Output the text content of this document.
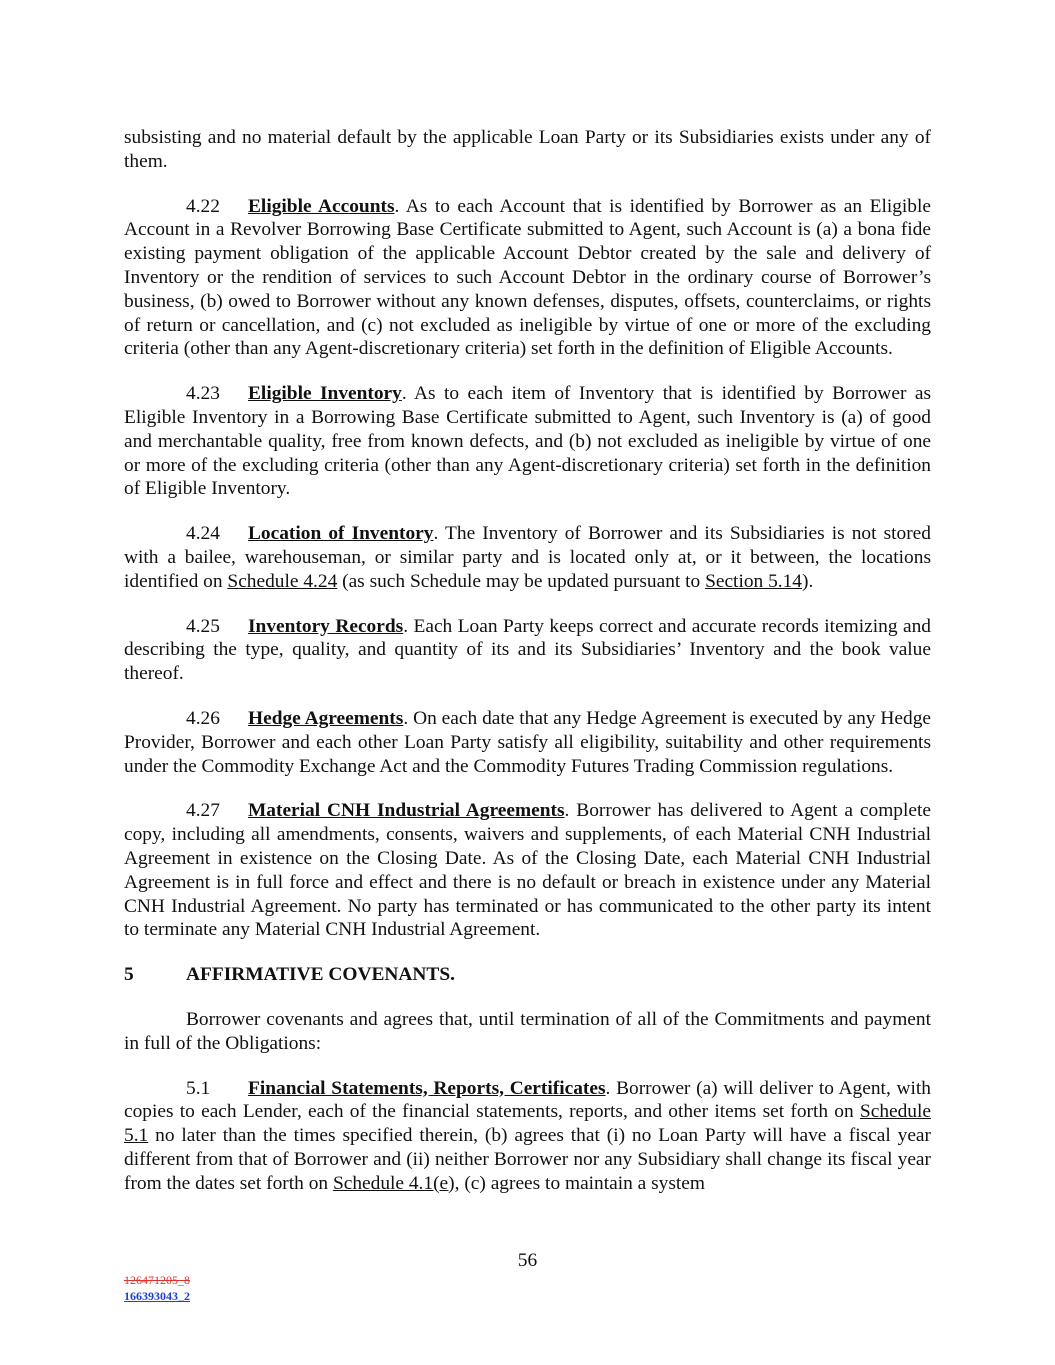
subsisting and no material default by the applicable Loan Party or its Subsidiaries exists under any of them.

4.22 Eligible Accounts. As to each Account that is identified by Borrower as an Eligible Account in a Revolver Borrowing Base Certificate submitted to Agent, such Account is (a) a bona fide existing payment obligation of the applicable Account Debtor created by the sale and delivery of Inventory or the rendition of services to such Account Debtor in the ordinary course of Borrower’s business, (b) owed to Borrower without any known defenses, disputes, offsets, counterclaims, or rights of return or cancellation, and (c) not excluded as ineligible by virtue of one or more of the excluding criteria (other than any Agent-discretionary criteria) set forth in the definition of Eligible Accounts.

4.23 Eligible Inventory. As to each item of Inventory that is identified by Borrower as Eligible Inventory in a Borrowing Base Certificate submitted to Agent, such Inventory is (a) of good and merchantable quality, free from known defects, and (b) not excluded as ineligible by virtue of one or more of the excluding criteria (other than any Agent-discretionary criteria) set forth in the definition of Eligible Inventory.

4.24 Location of Inventory. The Inventory of Borrower and its Subsidiaries is not stored with a bailee, warehouseman, or similar party and is located only at, or it between, the locations identified on Schedule 4.24 (as such Schedule may be updated pursuant to Section 5.14).

4.25 Inventory Records. Each Loan Party keeps correct and accurate records itemizing and describing the type, quality, and quantity of its and its Subsidiaries’ Inventory and the book value thereof.

4.26 Hedge Agreements. On each date that any Hedge Agreement is executed by any Hedge Provider, Borrower and each other Loan Party satisfy all eligibility, suitability and other requirements under the Commodity Exchange Act and the Commodity Futures Trading Commission regulations.

4.27 Material CNH Industrial Agreements. Borrower has delivered to Agent a complete copy, including all amendments, consents, waivers and supplements, of each Material CNH Industrial Agreement in existence on the Closing Date. As of the Closing Date, each Material CNH Industrial Agreement is in full force and effect and there is no default or breach in existence under any Material CNH Industrial Agreement. No party has terminated or has communicated to the other party its intent to terminate any Material CNH Industrial Agreement.

5	AFFIRMATIVE COVENANTS.

Borrower covenants and agrees that, until termination of all of the Commitments and payment in full of the Obligations:

5.1 Financial Statements, Reports, Certificates. Borrower (a) will deliver to Agent, with copies to each Lender, each of the financial statements, reports, and other items set forth on Schedule 5.1 no later than the times specified therein, (b) agrees that (i) no Loan Party will have a fiscal year different from that of Borrower and (ii) neither Borrower nor any Subsidiary shall change its fiscal year from the dates set forth on Schedule 4.1(e), (c) agrees to maintain a system

56
126471205_8
166393043_2
